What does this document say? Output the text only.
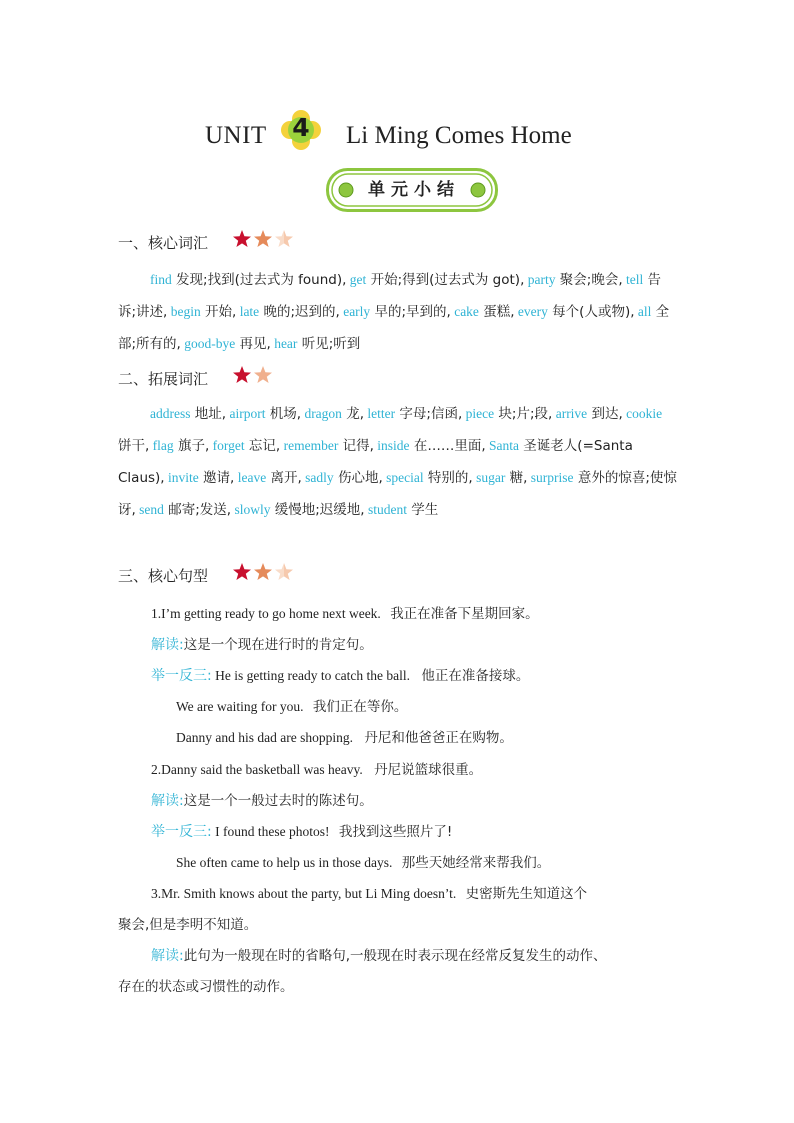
UNIT	4	Li Ming Comes Home
单元小结
一、核心词汇
find 发现;找到(过去式为 found), get 开始;得到(过去式为 got), party 聚会;晚会, tell 告诉;讲述, begin 开始, late 晚的;迟到的, early 早的;早到的, cake 蛋糕, every 每个(人或物), all 全部;所有的, good-bye 再见, hear 听见;听到
二、拓展词汇
address 地址, airport 机场, dragon 龙, letter 字母;信函, piece 块;片;段, arrive 到达, cookie 饼干, flag 旗子, forget 忘记, remember 记得, inside 在……里面, Santa 圣诞老人(=Santa Claus), invite 邀请, leave 离开, sadly 伤心地, special 特别的, sugar 糖, surprise 意外的惊喜;使惊讶, send 邮寄;发送, slowly 缓慢地;迟缓地, student 学生
三、核心句型
1.I’m getting ready to go home next week. 我正在准备下星期回家。
解读:这是一个现在进行时的肯定句。
举一反三: He is getting ready to catch the ball. 他正在准备接球。
We are waiting for you. 我们正在等你。
Danny and his dad are shopping. 丹尼和他爸爸正在购物。
2.Danny said the basketball was heavy. 丹尼说篮球很重。
解读:这是一个一般过去时的陈述句。
举一反三: I found these photos! 我找到这些照片了!
She often came to help us in those days. 那些天她经常来帮我们。
3.Mr. Smith knows about the party, but Li Ming doesn’t. 史密斯先生知道这个
聚会,但是李明不知道。
解读:此句为一般现在时的省略句,一般现在时表示现在经常反复发生的动作、
存在的状态或习惯性的动作。
